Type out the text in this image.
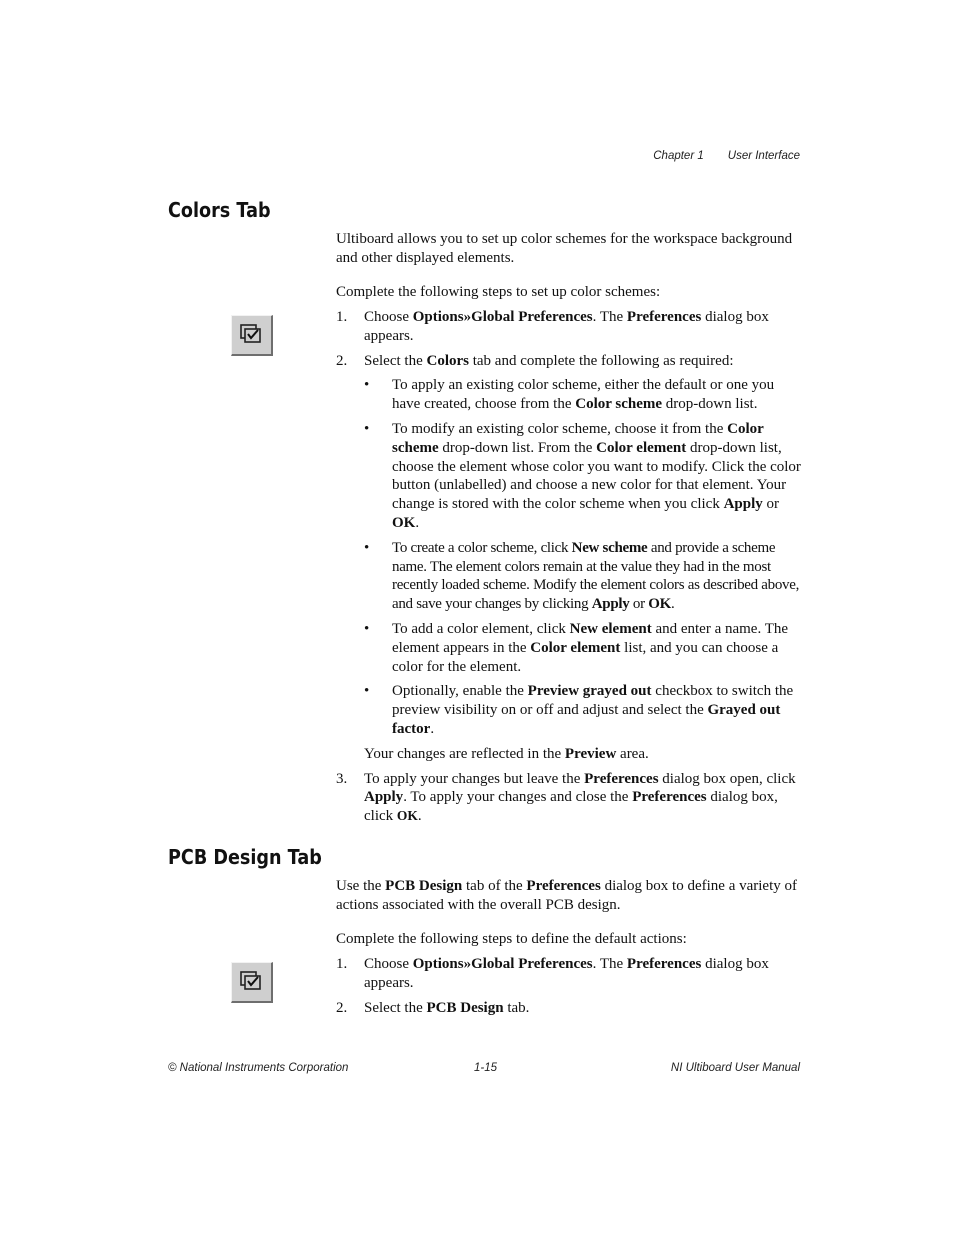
Chapter 1 User Interface
Colors Tab

Ultiboard allows you to set up color schemes for the workspace background and other displayed elements.

Complete the following steps to set up color schemes:

1. Choose Options»Global Preferences. The Preferences dialog box appears.
2. Select the Colors tab and complete the following as required:
• To apply an existing color scheme, either the default or one you have created, choose from the Color scheme drop-down list.
• To modify an existing color scheme, choose it from the Color scheme drop-down list. From the Color element drop-down list, choose the element whose color you want to modify. Click the color button (unlabelled) and choose a new color for that element. Your change is stored with the color scheme when you click Apply or OK.
• To create a color scheme, click New scheme and provide a scheme name. The element colors remain at the value they had in the most recently loaded scheme. Modify the element colors as described above, and save your changes by clicking Apply or OK.
• To add a color element, click New element and enter a name. The element appears in the Color element list, and you can choose a color for the element.
• Optionally, enable the Preview grayed out checkbox to switch the preview visibility on or off and adjust and select the Grayed out factor.
Your changes are reflected in the Preview area.
3. To apply your changes but leave the Preferences dialog box open, click Apply. To apply your changes and close the Preferences dialog box, click OK.
PCB Design Tab

Use the PCB Design tab of the Preferences dialog box to define a variety of actions associated with the overall PCB design.

Complete the following steps to define the default actions:

1. Choose Options»Global Preferences. The Preferences dialog box appears.
2. Select the PCB Design tab.
© National Instruments Corporation	1-15	NI Ultiboard User Manual
